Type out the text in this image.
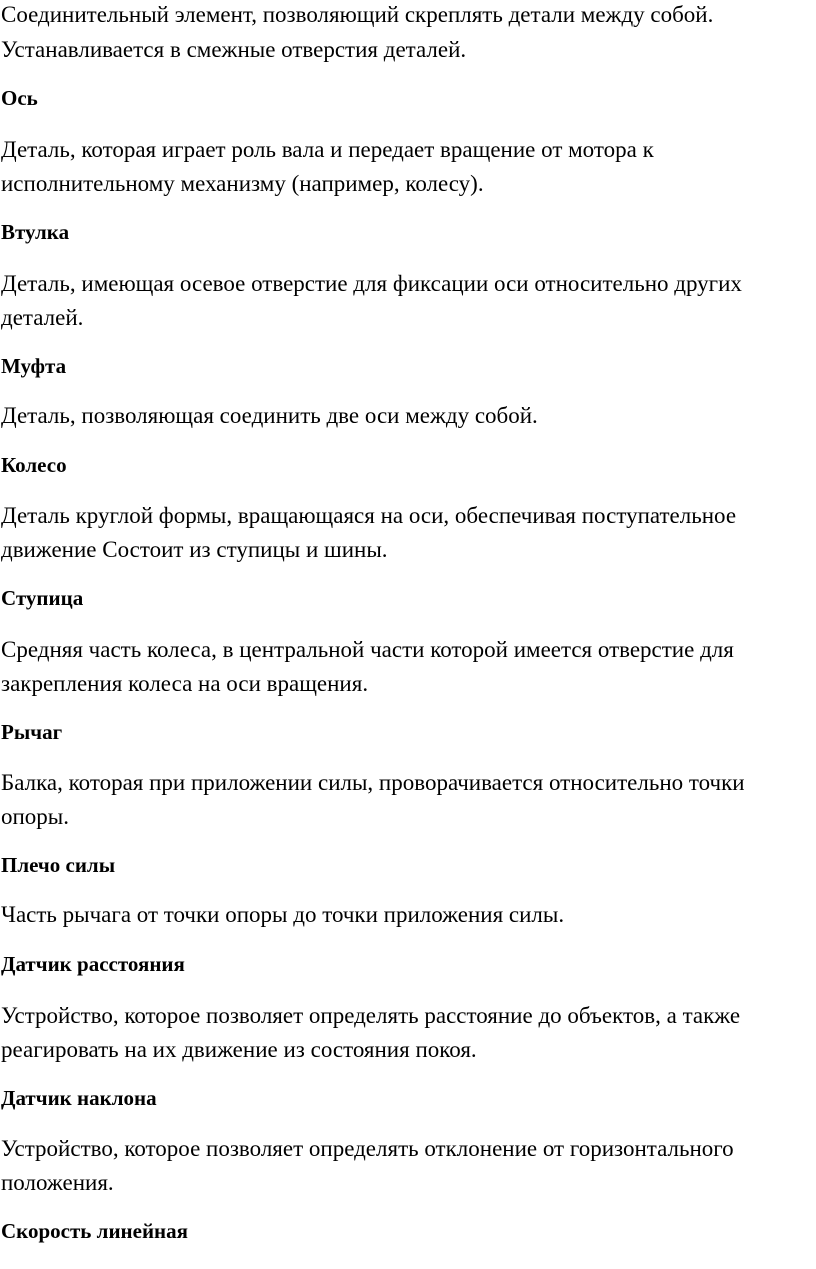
Соединительный элемент, позволяющий скреплять детали между собой.
Устанавливается в смежные отверстия деталей.
Ось
Деталь, которая играет роль вала и передает вращение от мотора к
исполнительному механизму (например, колесу).
Втулка
Деталь, имеющая осевое отверстие для фиксации оси относительно других
деталей.
Муфта
Деталь, позволяющая соединить две оси между собой.
Колесо
Деталь круглой формы, вращающаяся на оси, обеспечивая поступательное
движение Состоит из ступицы и шины.
Ступица
Средняя часть колеса, в центральной части которой имеется отверстие для
закрепления колеса на оси вращения.
Рычаг
Балка, которая при приложении силы, проворачивается относительно точки
опоры.
Плечо силы
Часть рычага от точки опоры до точки приложения силы.
Датчик расстояния
Устройство, которое позволяет определять расстояние до объектов, а также
реагировать на их движение из состояния покоя.
Датчик наклона
Устройство, которое позволяет определять отклонение от горизонтального
положения.
Скорость линейная
